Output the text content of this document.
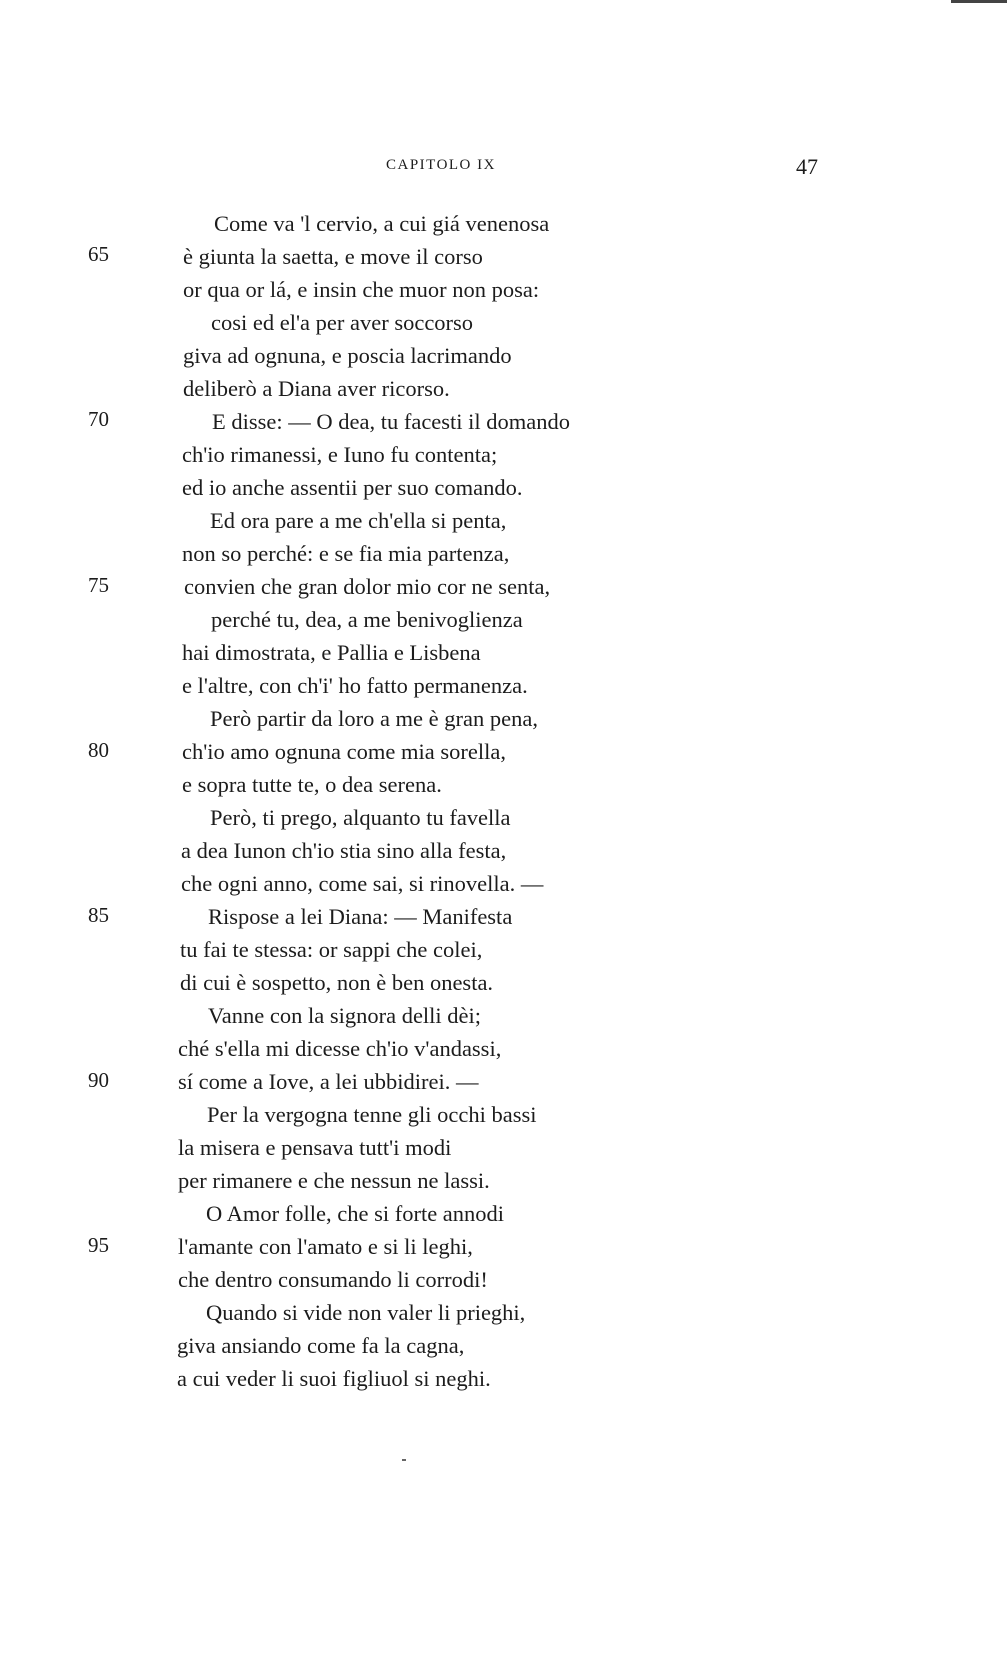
CAPITOLO IX	47
65
70
75
80
85
90
95
Come va 'l cervio, a cui giá venenosa
è giunta la saetta, e move il corso
or qua or lá, e insin che muor non posa:
cosi ed el'a per aver soccorso
giva ad ognuna, e poscia lacrimando
deliberò a Diana aver ricorso.
E disse: — O dea, tu facesti il domando
ch'io rimanessi, e Iuno fu contenta;
ed io anche assentii per suo comando.
Ed ora pare a me ch'ella si penta,
non so perché: e se fia mia partenza,
convien che gran dolor mio cor ne senta,
perché tu, dea, a me benivoglienza
hai dimostrata, e Pallia e Lisbena
e l'altre, con ch'i' ho fatto permanenza.
Però partir da loro a me è gran pena,
ch'io amo ognuna come mia sorella,
e sopra tutte te, o dea serena.
Però, ti prego, alquanto tu favella
a dea Iunon ch'io stia sino alla festa,
che ogni anno, come sai, si rinovella. —
Rispose a lei Diana: — Manifesta
tu fai te stessa: or sappi che colei,
di cui è sospetto, non è ben onesta.
Vanne con la signora delli dèi;
ché s'ella mi dicesse ch'io v'andassi,
sí come a Iove, a lei ubbidirei. —
Per la vergogna tenne gli occhi bassi
la misera e pensava tutt'i modi
per rimanere e che nessun ne lassi.
O Amor folle, che si forte annodi
l'amante con l'amato e si li leghi,
che dentro consumando li corrodi!
Quando si vide non valer li prieghi,
giva ansiando come fa la cagna,
a cui veder li suoi figliuol si neghi.
